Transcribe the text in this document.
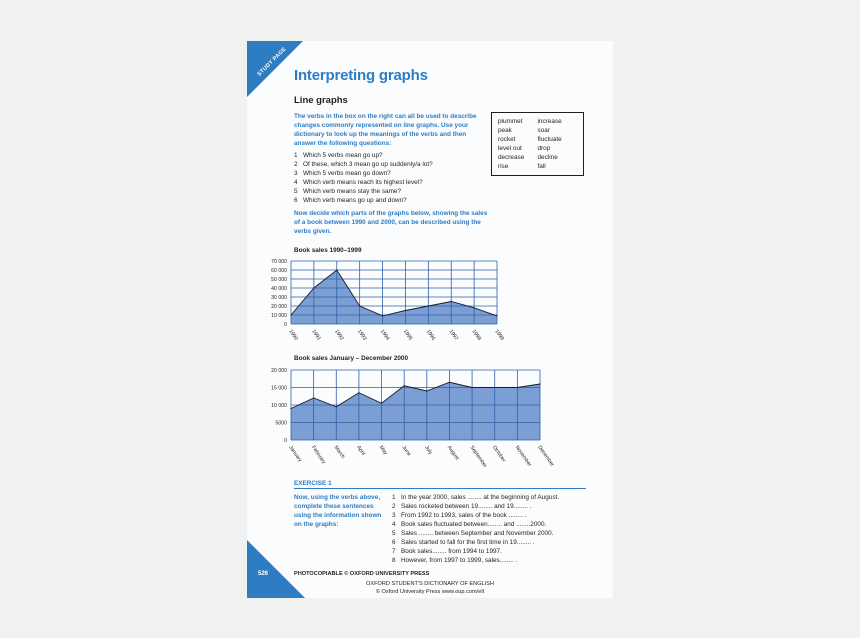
STUDY PAGE
526
Interpreting graphs
Line graphs
The verbs in the box on the right can all be used to describe changes commonly represented on line graphs. Use your dictionary to look up the meanings of the verbs and then answer the following questions:
1 Which 5 verbs mean go up?
2 Of these, which 3 mean go up suddenly/a lot?
3 Which 5 verbs mean go down?
4 Which verb means reach its highest level?
5 Which verb means stay the same?
6 Which verb means go up and down?
plummet
peak
rocket
level out
decrease
rise
increase
soar
fluctuate
drop
decline
fall
Now decide which parts of the graphs below, showing the sales of a book between 1990 and 2000, can be described using the verbs given.
Book sales 1990–1999
70 000
60 000
50 000
40 000
30 000
20 000
10 000
0
1990 1991 1992 1993 1994 1995 1996 1997 1998 1999
Book sales January – December 2000
20 000
15 000
10 000
5000
0
January February March April May June July August September October November December
EXERCISE 1
Now, using the verbs above, complete these sentences using the information shown on the graphs:
1 In the year 2000, sales ........ at the beginning of August.
2 Sales rocketed between 19........ and 19........ .
3 From 1992 to 1993, sales of the book ........ .
4 Book sales fluctuated between........ and ........2000.
5 Sales ........ between September and November 2000.
6 Sales started to fall for the first time in 19........ .
7 Book sales........ from 1994 to 1997.
8 However, from 1997 to 1999, sales........ .
PHOTOCOPIABLE © OXFORD UNIVERSITY PRESS
OXFORD STUDENT'S DICTIONARY OF ENGLISH
© Oxford University Press www.oup.com/elt
